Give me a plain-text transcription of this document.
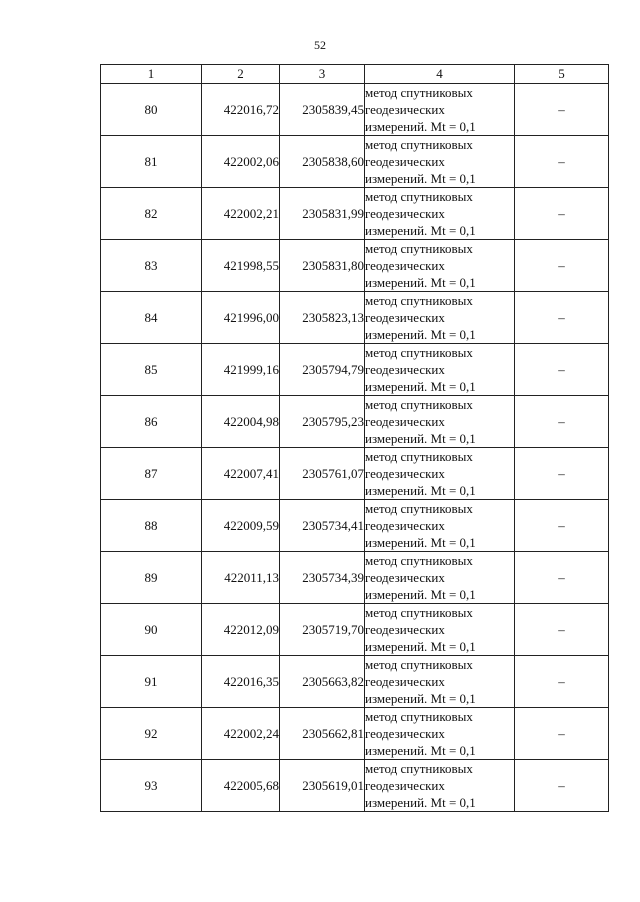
52
1	2	3	4	5
80	422016,72	2305839,45	метод спутниковых
геодезических
измерений. Mt = 0,1	–
81	422002,06	2305838,60	метод спутниковых
геодезических
измерений. Mt = 0,1	–
82	422002,21	2305831,99	метод спутниковых
геодезических
измерений. Mt = 0,1	–
83	421998,55	2305831,80	метод спутниковых
геодезических
измерений. Mt = 0,1	–
84	421996,00	2305823,13	метод спутниковых
геодезических
измерений. Mt = 0,1	–
85	421999,16	2305794,79	метод спутниковых
геодезических
измерений. Mt = 0,1	–
86	422004,98	2305795,23	метод спутниковых
геодезических
измерений. Mt = 0,1	–
87	422007,41	2305761,07	метод спутниковых
геодезических
измерений. Mt = 0,1	–
88	422009,59	2305734,41	метод спутниковых
геодезических
измерений. Mt = 0,1	–
89	422011,13	2305734,39	метод спутниковых
геодезических
измерений. Mt = 0,1	–
90	422012,09	2305719,70	метод спутниковых
геодезических
измерений. Mt = 0,1	–
91	422016,35	2305663,82	метод спутниковых
геодезических
измерений. Mt = 0,1	–
92	422002,24	2305662,81	метод спутниковых
геодезических
измерений. Mt = 0,1	–
93	422005,68	2305619,01	метод спутниковых
геодезических
измерений. Mt = 0,1	–
